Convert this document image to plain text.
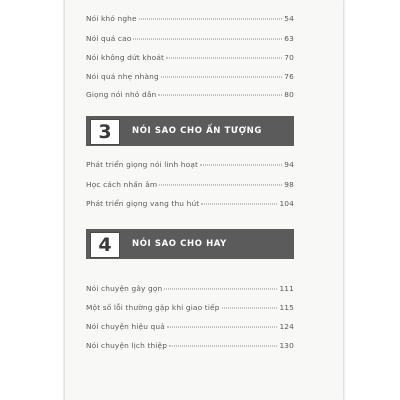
Nói khó nghe	54
Nói quá cao	63
Nói không dứt khoát	70
Nói quá nhẹ nhàng	76
Giọng nói nhỏ dần	80
3	NÓI SAO CHO ẤN TƯỢNG
Phát triển giọng nói linh hoạt	94
Học cách nhấn âm	98
Phát triển giọng vang thu hút	104
4	NÓI SAO CHO HAY
Nói chuyện gây gọn	111
Một số lỗi thường gặp khi giao tiếp	115
Nói chuyện hiệu quả	124
Nói chuyện lịch thiệp	130
